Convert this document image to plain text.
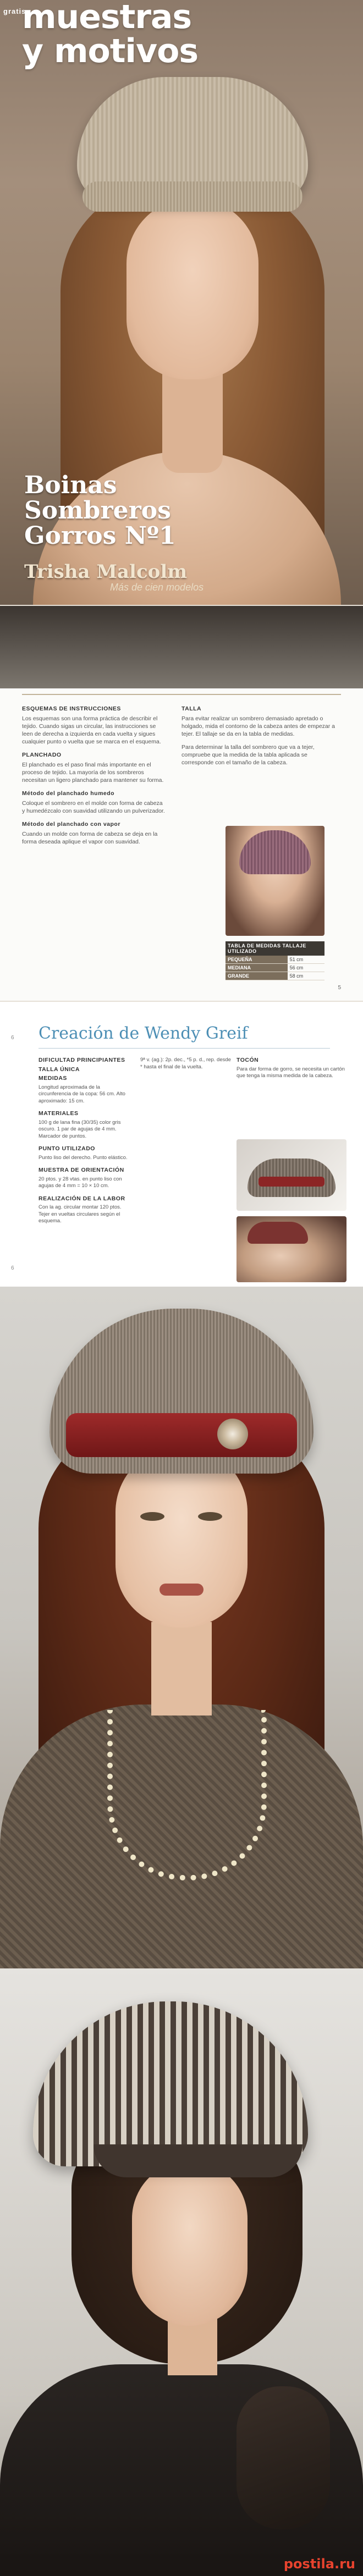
gratis
muestras
y motivos
Boinas
Sombreros
Gorros Nº1
Trisha Malcolm
Más de cien modelos
ESQUEMAS DE INSTRUCCIONES

Los esquemas son una forma práctica de describir el tejido. Cuando sigas un circular, las instrucciones se leen de derecha a izquierda en cada vuelta y sigues cualquier punto o vuelta que se marca en el esquema.

PLANCHADO

El planchado es el paso final más importante en el proceso de tejido. La mayoría de los sombreros necesitan un ligero planchado para mantener su forma.

Método del planchado humedo

Coloque el sombrero en el molde con forma de cabeza y humedézcalo con suavidad utilizando un pulverizador.

Método del planchado con vapor

Cuando un molde con forma de cabeza se deja en la forma deseada aplique el vapor con suavidad.

TALLA

Para evitar realizar un sombrero demasiado apretado o holgado, mida el contorno de la cabeza antes de empezar a tejer. El tallaje se da en la tabla de medidas.

Para determinar la talla del sombrero que va a tejer, compruebe que la medida de la tabla aplicada se corresponde con el tamaño de la cabeza.

TABLA DE MEDIDAS TALLAJE UTILIZADO	
PEQUEÑA	51 cm
MEDIANA	56 cm
GRANDE	58 cm
5
6 Creación de Wendy Greif
DIFICULTAD PRINCIPIANTES
TALLA ÚNICA
MEDIDAS

Longitud aproximada de la circunferencia de la copa: 56 cm. Alto aproximado: 15 cm.

MATERIALES

100 g de lana fina (30/35) color gris oscuro. 1 par de agujas de 4 mm. Marcador de puntos.

PUNTO UTILIZADO

Punto liso del derecho. Punto elástico.

MUESTRA DE ORIENTACIÓN

20 ptos. y 28 vtas. en punto liso con agujas de 4 mm = 10 × 10 cm.

REALIZACIÓN DE LA LABOR

Con la ag. circular montar 120 ptos. Tejer en vueltas circulares según el esquema.

9ª v. (ag.): 2p. dec., *5 p. d., rep. desde * hasta el final de la vuelta.

TOCÓN

Para dar forma de gorro, se necesita un cartón que tenga la misma medida de la cabeza.

6
postila.ru
